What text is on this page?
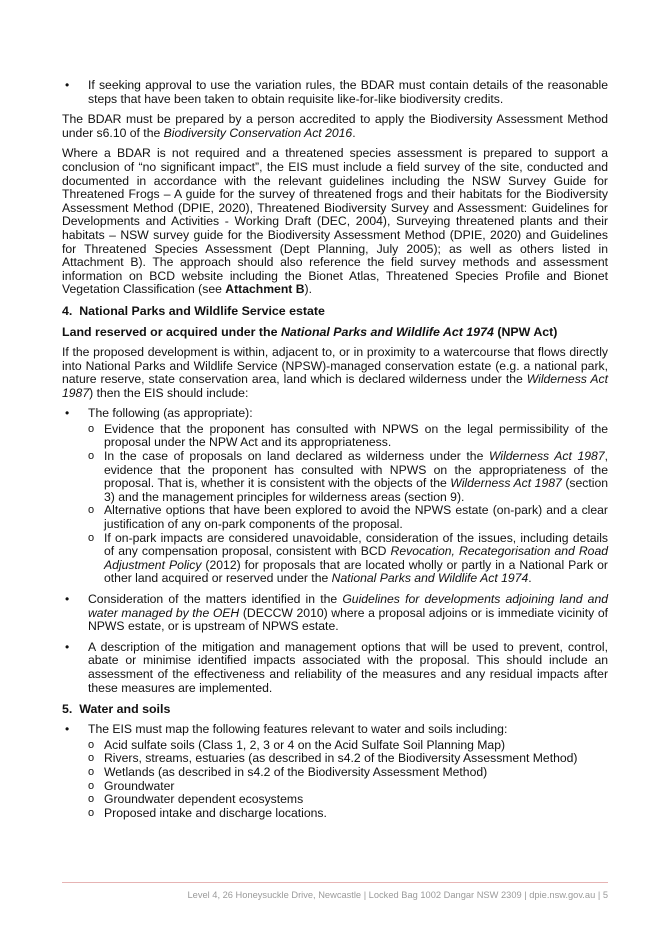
• If seeking approval to use the variation rules, the BDAR must contain details of the reasonable steps that have been taken to obtain requisite like-for-like biodiversity credits.

The BDAR must be prepared by a person accredited to apply the Biodiversity Assessment Method under s6.10 of the Biodiversity Conservation Act 2016.

Where a BDAR is not required and a threatened species assessment is prepared to support a conclusion of “no significant impact”, the EIS must include a field survey of the site, conducted and documented in accordance with the relevant guidelines including the NSW Survey Guide for Threatened Frogs – A guide for the survey of threatened frogs and their habitats for the Biodiversity Assessment Method (DPIE, 2020), Threatened Biodiversity Survey and Assessment: Guidelines for Developments and Activities - Working Draft (DEC, 2004), Surveying threatened plants and their habitats – NSW survey guide for the Biodiversity Assessment Method (DPIE, 2020) and Guidelines for Threatened Species Assessment (Dept Planning, July 2005); as well as others listed in Attachment B). The approach should also reference the field survey methods and assessment information on BCD website including the Bionet Atlas, Threatened Species Profile and Bionet Vegetation Classification (see Attachment B).

4.  National Parks and Wildlife Service estate
Land reserved or acquired under the National Parks and Wildlife Act 1974 (NPW Act)

If the proposed development is within, adjacent to, or in proximity to a watercourse that flows directly into National Parks and Wildlife Service (NPSW)-managed conservation estate (e.g. a national park, nature reserve, state conservation area, land which is declared wilderness under the Wilderness Act 1987) then the EIS should include:

• The following (as appropriate):
o Evidence that the proponent has consulted with NPWS on the legal permissibility of the proposal under the NPW Act and its appropriateness.
o In the case of proposals on land declared as wilderness under the Wilderness Act 1987, evidence that the proponent has consulted with NPWS on the appropriateness of the proposal. That is, whether it is consistent with the objects of the Wilderness Act 1987 (section 3) and the management principles for wilderness areas (section 9).
o Alternative options that have been explored to avoid the NPWS estate (on-park) and a clear justification of any on-park components of the proposal.
o If on-park impacts are considered unavoidable, consideration of the issues, including details of any compensation proposal, consistent with BCD Revocation, Recategorisation and Road Adjustment Policy (2012) for proposals that are located wholly or partly in a National Park or other land acquired or reserved under the National Parks and Wildlife Act 1974.
• Consideration of the matters identified in the Guidelines for developments adjoining land and water managed by the OEH (DECCW 2010) where a proposal adjoins or is immediate vicinity of NPWS estate, or is upstream of NPWS estate.
• A description of the mitigation and management options that will be used to prevent, control, abate or minimise identified impacts associated with the proposal. This should include an assessment of the effectiveness and reliability of the measures and any residual impacts after these measures are implemented.
5.  Water and soils
• The EIS must map the following features relevant to water and soils including:
o Acid sulfate soils (Class 1, 2, 3 or 4 on the Acid Sulfate Soil Planning Map)
o Rivers, streams, estuaries (as described in s4.2 of the Biodiversity Assessment Method)
o Wetlands (as described in s4.2 of the Biodiversity Assessment Method)
o Groundwater
o Groundwater dependent ecosystems
o Proposed intake and discharge locations.
Level 4, 26 Honeysuckle Drive, Newcastle | Locked Bag 1002 Dangar NSW 2309 | dpie.nsw.gov.au | 5
